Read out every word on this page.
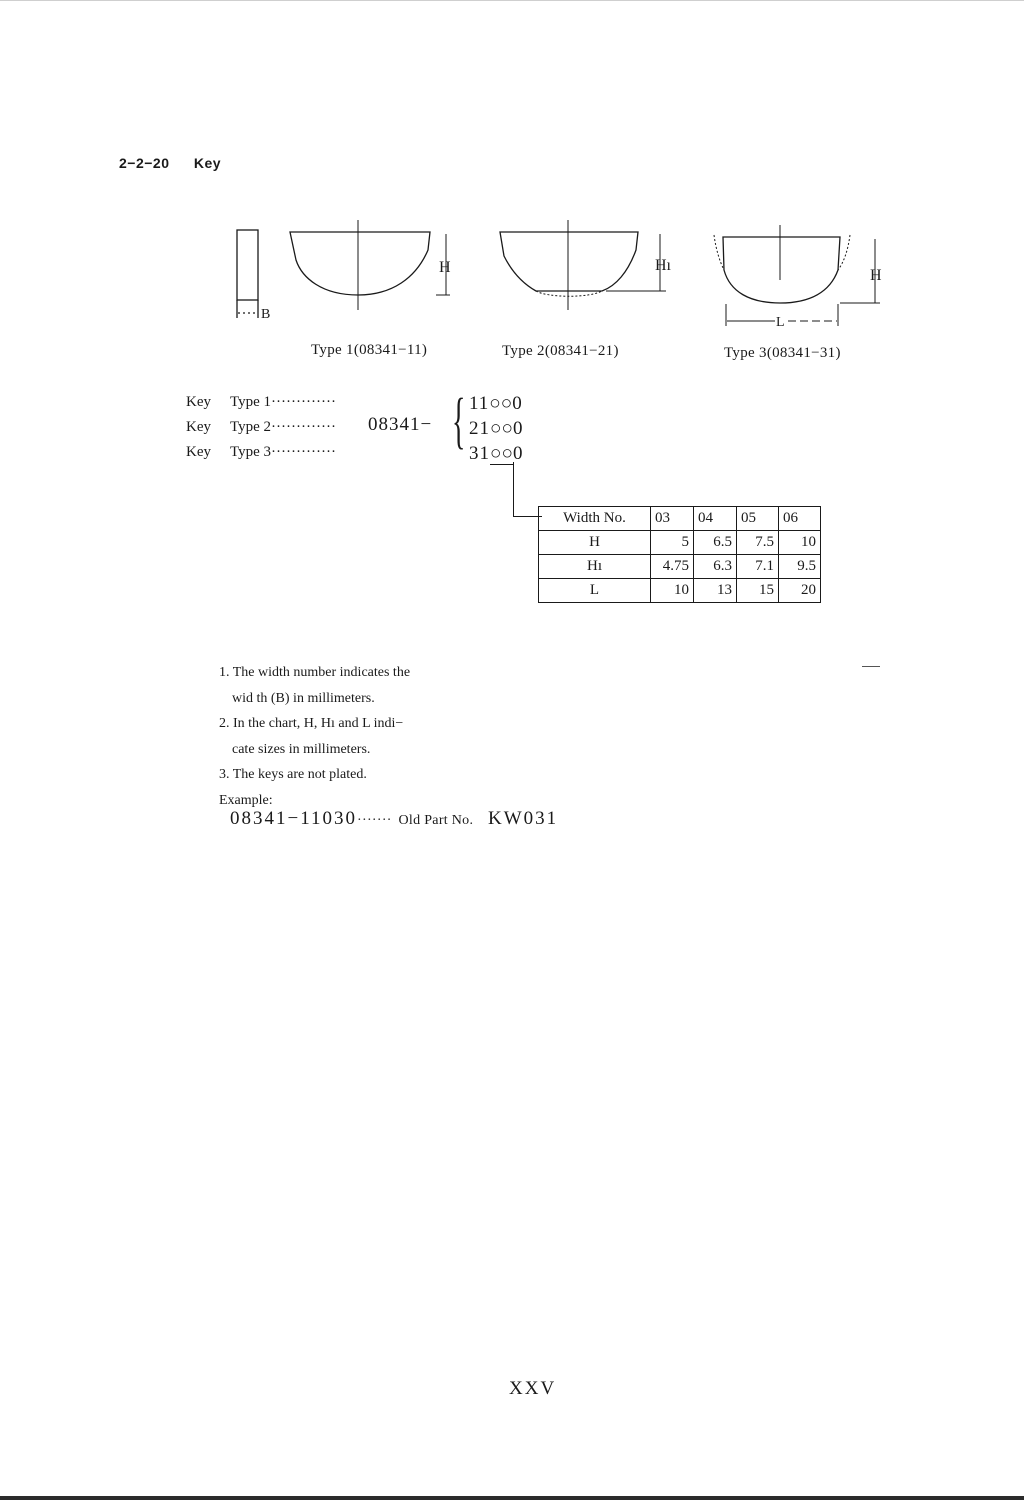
2−2−20 Key
B
H	Hı
H
L
Type 1(08341−11)	Type 2(08341−21)	Type 3(08341−31)
Key	Type 1·············
Key	Type 2·············
Key	Type 3·············
08341− { 11○○0
21○○0
31○○0
Width No.	03	04	05	06
H	5	6.5	7.5	10
Hı	4.75	6.3	7.1	9.5
L	10	13	15	20
1. The width number indicates the
wid th (B) in millimeters.
2. In the chart, H, Hı and L indi−
cate sizes in millimeters.
3. The keys are not plated.
Example:
08341−11030······· Old Part No. KW031
XXV
